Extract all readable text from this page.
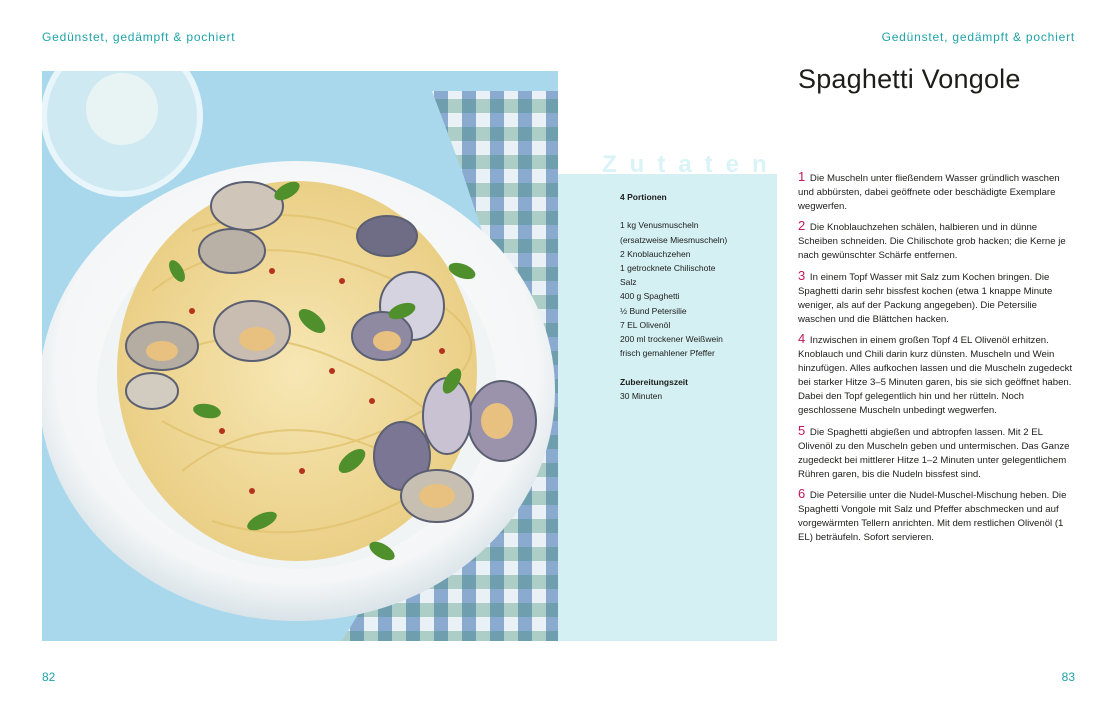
Gedünstet, gedämpft & pochiert	Gedünstet, gedämpft & pochiert
Zutaten
4 Portionen
1 kg Venusmuscheln
(ersatzweise Miesmuscheln)
2 Knoblauchzehen
1 getrocknete Chilischote
Salz
400 g Spaghetti
½ Bund Petersilie
7 EL Olivenöl
200 ml trockener Weißwein
frisch gemahlener Pfeffer
Zubereitungszeit
30 Minuten
Spaghetti Vongole

1 Die Muscheln unter fließendem Wasser gründlich waschen und abbürsten, dabei geöffnete oder beschädigte Exemplare wegwerfen.

2 Die Knoblauchzehen schälen, halbieren und in dünne Scheiben schneiden. Die Chilischote grob hacken; die Kerne je nach gewünschter Schärfe entfernen.

3 In einem Topf Wasser mit Salz zum Kochen bringen. Die Spaghetti darin sehr bissfest kochen (etwa 1 knappe Minute weniger, als auf der Packung angegeben). Die Petersilie waschen und die Blättchen hacken.

4 Inzwischen in einem großen Topf 4 EL Olivenöl erhitzen. Knoblauch und Chili darin kurz dünsten. Muscheln und Wein hinzufügen. Alles aufkochen lassen und die Muscheln zugedeckt bei starker Hitze 3–5 Minuten garen, bis sie sich geöffnet haben. Dabei den Topf gelegentlich hin und her rütteln. Noch geschlossene Muscheln unbedingt wegwerfen.

5 Die Spaghetti abgießen und abtropfen lassen. Mit 2 EL Olivenöl zu den Muscheln geben und untermischen. Das Ganze zugedeckt bei mittlerer Hitze 1–2 Minuten unter gelegentlichem Rühren garen, bis die Nudeln bissfest sind.

6 Die Petersilie unter die Nudel-Muschel-Mischung heben. Die Spaghetti Vongole mit Salz und Pfeffer abschmecken und auf vorgewärmten Tellern anrichten. Mit dem restlichen Olivenöl (1 EL) beträufeln. Sofort servieren.

82	83
